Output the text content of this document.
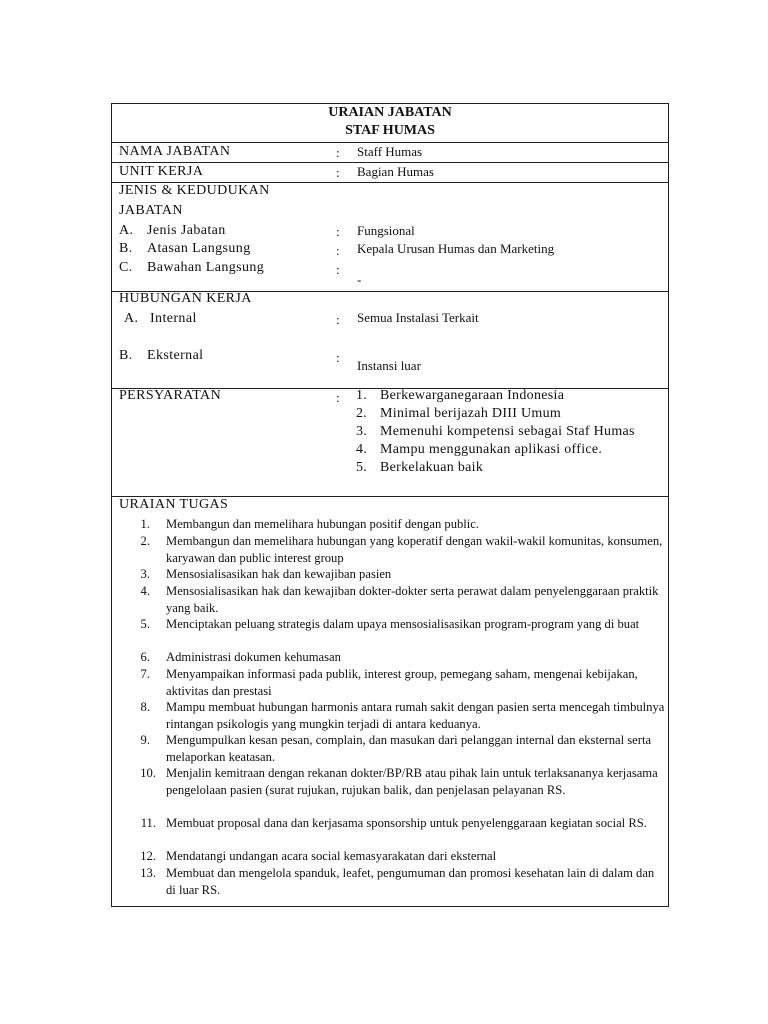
URAIAN JABATAN
STAF HUMAS
NAMA JABATAN	: Staff Humas
UNIT KERJA	: Bagian Humas
JENIS & KEDUDUKAN
JABATAN
A. Jenis Jabatan	: Fungsional
B. Atasan Langsung	: Kepala Urusan Humas dan Marketing
C. Bawahan Langsung	:
-
HUBUNGAN KERJA
A. Internal	: Semua Instalasi Terkait
B. Eksternal	:
Instansi luar
PERSYARATAN	: 1. Berkewarganegaraan Indonesia
2. Minimal berijazah DIII Umum
3. Memenuhi kompetensi sebagai Staf Humas
4. Mampu menggunakan aplikasi office.
5. Berkelakuan baik
URAIAN TUGAS
1. Membangun dan memelihara hubungan positif dengan public.
2. Membangun dan memelihara hubungan yang koperatif dengan wakil-wakil komunitas, konsumen, karyawan dan public interest group
3. Mensosialisasikan hak dan kewajiban pasien
4. Mensosialisasikan hak dan kewajiban dokter-dokter serta perawat dalam penyelenggaraan praktik yang baik.
5. Menciptakan peluang strategis dalam upaya mensosialisasikan program-program yang di buat
6. Administrasi dokumen kehumasan
7. Menyampaikan informasi pada publik, interest group, pemegang saham, mengenai kebijakan, aktivitas dan prestasi
8. Mampu membuat hubungan harmonis antara rumah sakit dengan pasien serta mencegah timbulnya rintangan psikologis yang mungkin terjadi di antara keduanya.
9. Mengumpulkan kesan pesan, complain, dan masukan dari pelanggan internal dan eksternal serta melaporkan keatasan.
10. Menjalin kemitraan dengan rekanan dokter/BP/RB atau pihak lain untuk terlaksananya kerjasama pengelolaan pasien (surat rujukan, rujukan balik, dan penjelasan pelayanan RS.
11. Membuat proposal dana dan kerjasama sponsorship untuk penyelenggaraan kegiatan social RS.
12. Mendatangi undangan acara social kemasyarakatan dari eksternal
13. Membuat dan mengelola spanduk, leafet, pengumuman dan promosi kesehatan lain di dalam dan di luar RS.
